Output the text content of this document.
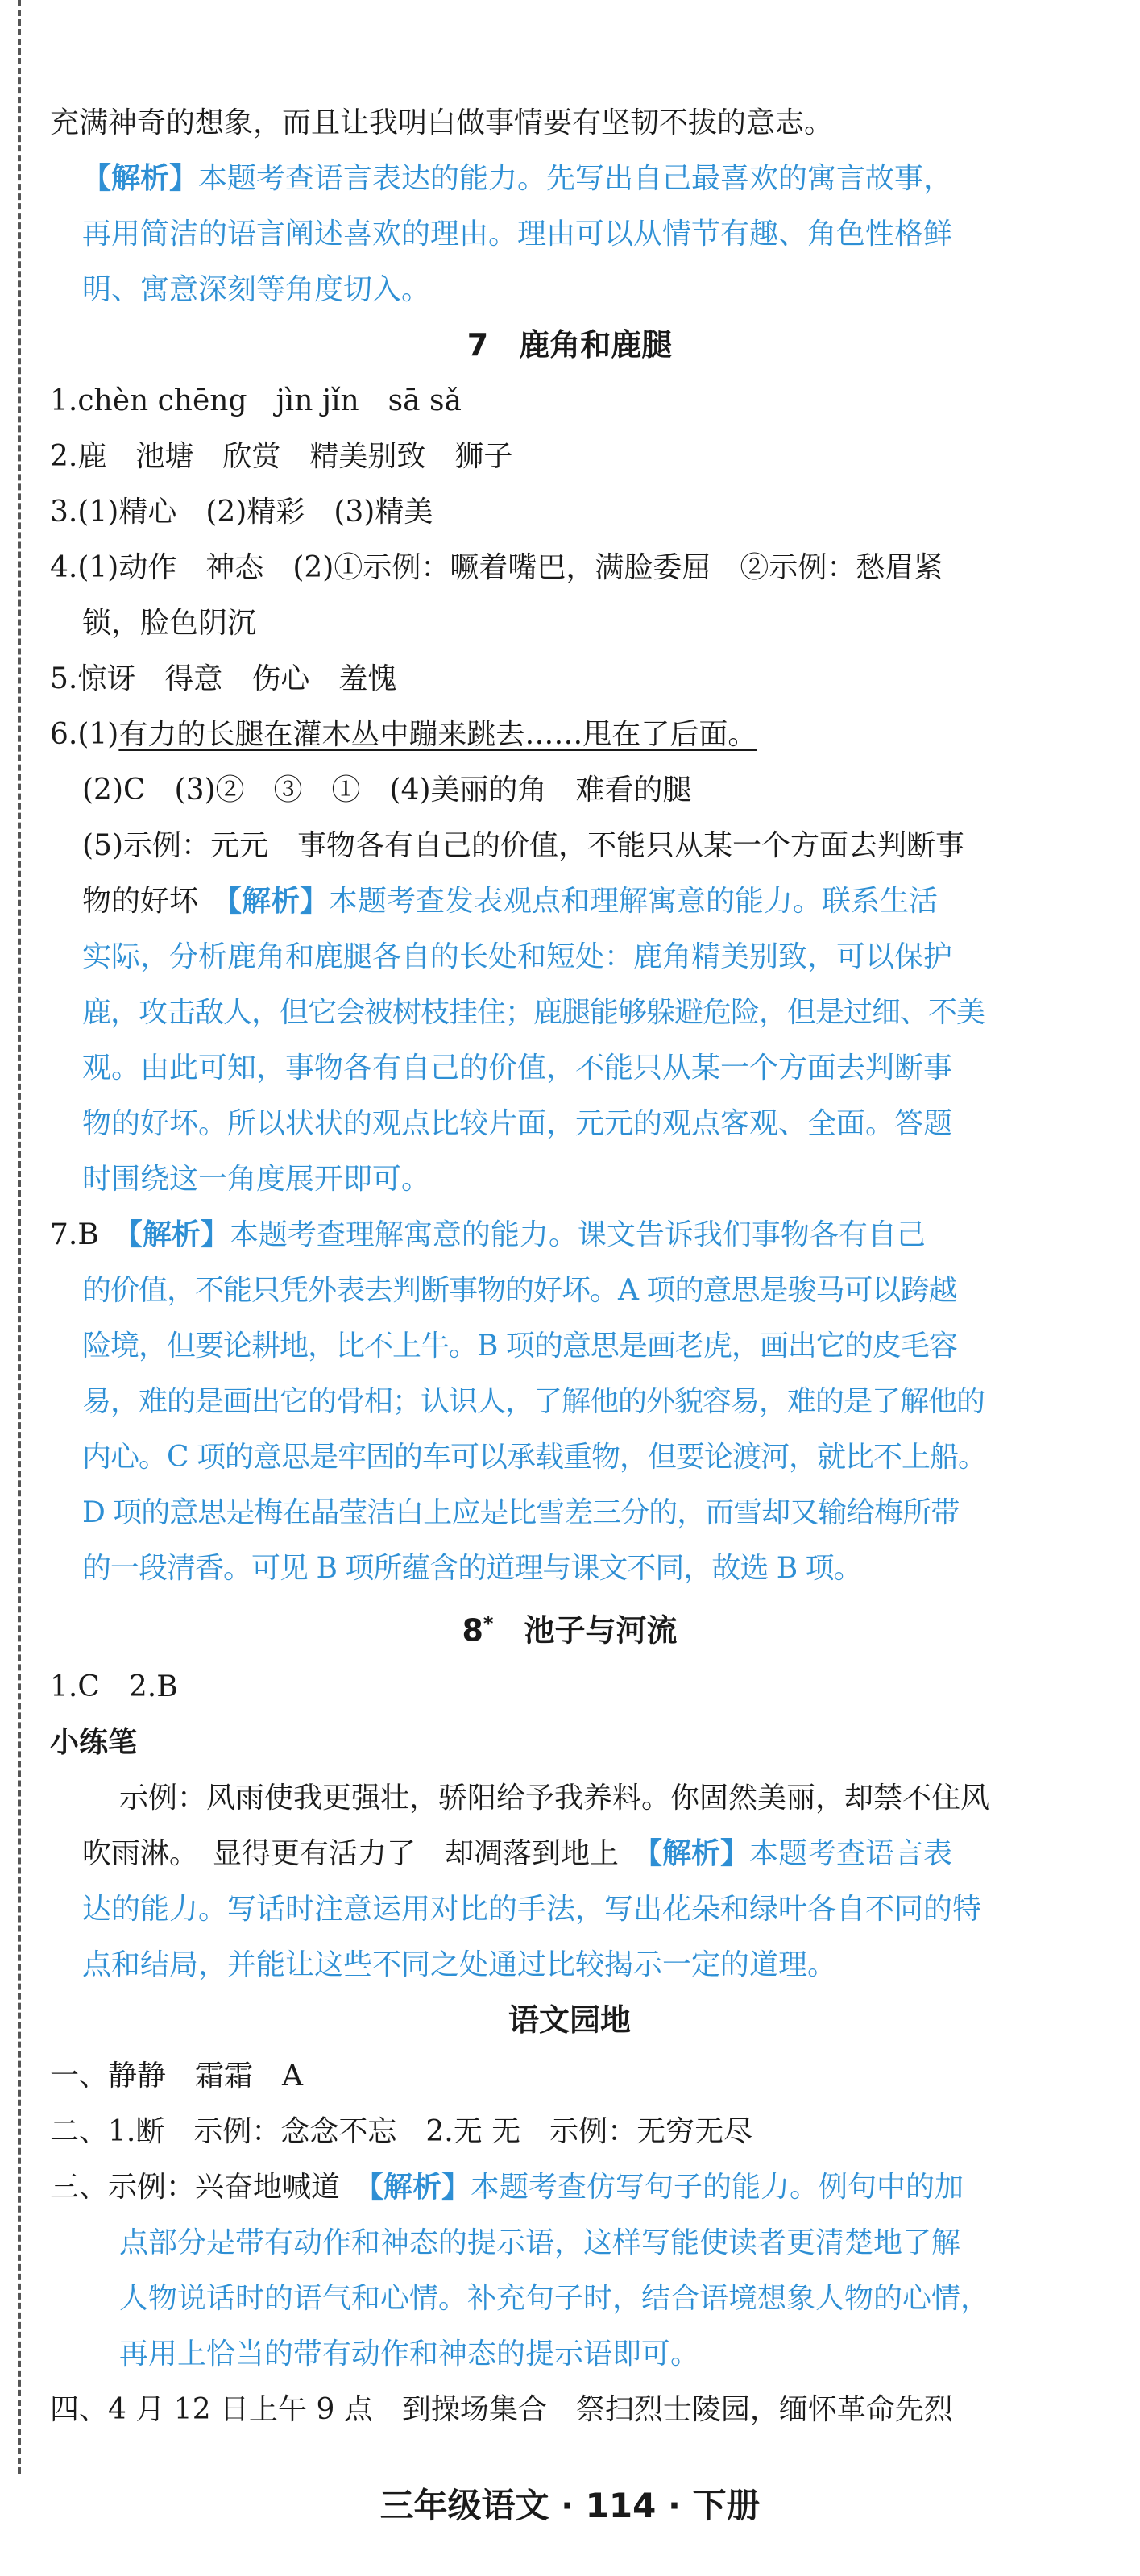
充满神奇的想象，而且让我明白做事情要有坚韧不拔的意志。
【解析】本题考查语言表达的能力。先写出自己最喜欢的寓言故事，
再用简洁的语言阐述喜欢的理由。理由可以从情节有趣、角色性格鲜
明、寓意深刻等角度切入。
7　鹿角和鹿腿
1.chèn chēng　jìn jǐn　sā sǎ
2.鹿　池塘　欣赏　精美别致　狮子
3.(1)精心　(2)精彩　(3)精美
4.(1)动作　神态　(2)①示例：噘着嘴巴，满脸委屈　②示例：愁眉紧
锁，脸色阴沉
5.惊讶　得意　伤心　羞愧
6.(1)有力的长腿在灌木丛中蹦来跳去……甩在了后面。
(2)C　(3)②　③　①　(4)美丽的角　难看的腿
(5)示例：元元　事物各有自己的价值，不能只从某一个方面去判断事
物的好坏　 【解析】本题考查发表观点和理解寓意的能力。联系生活
实际，分析鹿角和鹿腿各自的长处和短处：鹿角精美别致，可以保护
鹿，攻击敌人，但它会被树枝挂住；鹿腿能够躲避危险，但是过细、不美
观。由此可知，事物各有自己的价值，不能只从某一个方面去判断事
物的好坏。所以状状的观点比较片面，元元的观点客观、全面。答题
时围绕这一角度展开即可。
7.B　 【解析】本题考查理解寓意的能力。课文告诉我们事物各有自己
的价值，不能只凭外表去判断事物的好坏。A 项的意思是骏马可以跨越
险境，但要论耕地，比不上牛。B 项的意思是画老虎，画出它的皮毛容
易，难的是画出它的骨相；认识人，了解他的外貌容易，难的是了解他的
内心。C 项的意思是牢固的车可以承载重物，但要论渡河，就比不上船。
D 项的意思是梅在晶莹洁白上应是比雪差三分的，而雪却又输给梅所带
的一段清香。可见 B 项所蕴含的道理与课文不同，故选 B 项。
8*　 池子与河流
1.C　2.B
小练笔
示例：风雨使我更强壮，骄阳给予我养料。你固然美丽，却禁不住风
吹雨淋。　显得更有活力了　却凋落到地上　 【解析】本题考查语言表
达的能力。写话时注意运用对比的手法，写出花朵和绿叶各自不同的特
点和结局，并能让这些不同之处通过比较揭示一定的道理。
语文园地
一、静静　霜霜　A
二、1.断　示例：念念不忘　2.无 无　示例：无穷无尽
三、示例：兴奋地喊道　 【解析】本题考查仿写句子的能力。例句中的加
点部分是带有动作和神态的提示语，这样写能使读者更清楚地了解
人物说话时的语气和心情。补充句子时，结合语境想象人物的心情，
再用上恰当的带有动作和神态的提示语即可。
四、4 月 12 日上午 9 点　到操场集合　祭扫烈士陵园，缅怀革命先烈
三年级语文 · 114 · 下册
